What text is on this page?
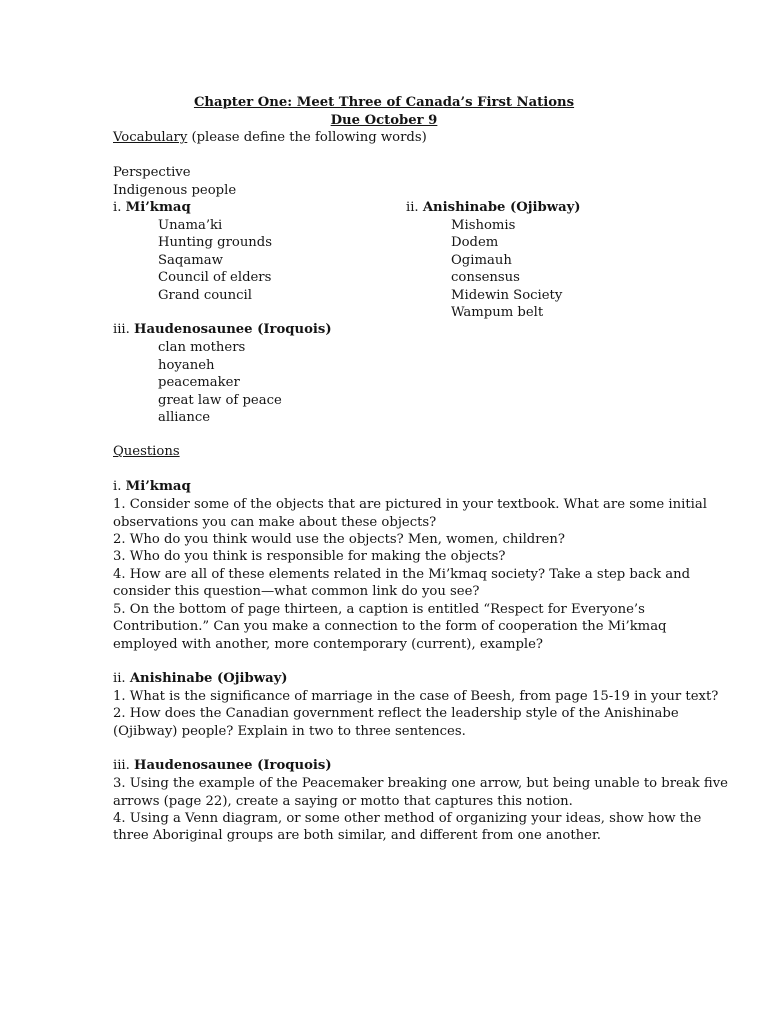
Chapter One: Meet Three of Canada’s First Nations
Due October 9
Vocabulary (please define the following words)
Perspective
Indigenous people
i. Mi’kmaq
Unama’ki
Hunting grounds
Saqamaw
Council of elders
Grand council
ii. Anishinabe (Ojibway)
Mishomis
Dodem
Ogimauh
consensus
Midewin Society
Wampum belt
iii. Haudenosaunee (Iroquois)
clan mothers
hoyaneh
peacemaker
great law of peace
alliance
Questions
i. Mi’kmaq
1. Consider some of the objects that are pictured in your textbook. What are some initial
observations you can make about these objects?
2. Who do you think would use the objects? Men, women, children?
3. Who do you think is responsible for making the objects?
4. How are all of these elements related in the Mi’kmaq society? Take a step back and
consider this question—what common link do you see?
5. On the bottom of page thirteen, a caption is entitled “Respect for Everyone’s
Contribution.” Can you make a connection to the form of cooperation the Mi’kmaq
employed with another, more contemporary (current), example?
ii. Anishinabe (Ojibway)
1. What is the significance of marriage in the case of Beesh, from page 15-19 in your text?
2. How does the Canadian government reflect the leadership style of the Anishinabe
(Ojibway) people? Explain in two to three sentences.
iii. Haudenosaunee (Iroquois)
3. Using the example of the Peacemaker breaking one arrow, but being unable to break five
arrows (page 22), create a saying or motto that captures this notion.
4. Using a Venn diagram, or some other method of organizing your ideas, show how the
three Aboriginal groups are both similar, and different from one another.
